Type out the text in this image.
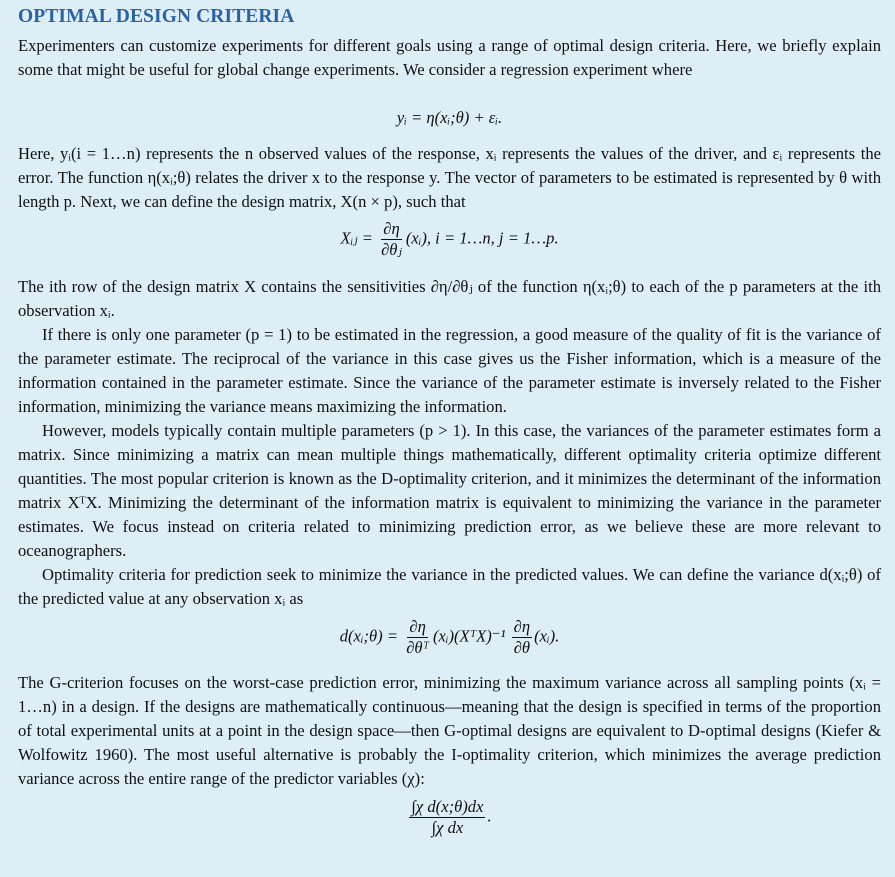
OPTIMAL DESIGN CRITERIA

Experimenters can customize experiments for different goals using a range of optimal design criteria. Here, we briefly explain some that might be useful for global change experiments. We consider a regression experiment where

yᵢ = η(xᵢ;θ) + εᵢ.

Here, yᵢ(i = 1…n) represents the n observed values of the response, xᵢ represents the values of the driver, and εᵢ represents the error. The function η(xᵢ;θ) relates the driver x to the response y. The vector of parameters to be estimated is represented by θ with length p. Next, we can define the design matrix, X(n × p), such that

Xᵢⱼ = $\frac{\partial\eta}{\text{∂θⱼ}}$ (xᵢ), i = 1…n, j = 1…p.

The ith row of the design matrix X contains the sensitivities ∂η/∂θⱼ of the function η(xᵢ;θ) to each of the p parameters at the ith observation xᵢ.

If there is only one parameter (p = 1) to be estimated in the regression, a good measure of the quality of fit is the variance of the parameter estimate. The reciprocal of the variance in this case gives us the Fisher information, which is a measure of the information contained in the parameter estimate. Since the variance of the parameter estimate is inversely related to the Fisher information, minimizing the variance means maximizing the information.

However, models typically contain multiple parameters (p > 1). In this case, the variances of the parameter estimates form a matrix. Since minimizing a matrix can mean multiple things mathematically, different optimality criteria optimize different quantities. The most popular criterion is known as the D-optimality criterion, and it minimizes the determinant of the information matrix XᵀX. Minimizing the determinant of the information matrix is equivalent to minimizing the variance in the parameter estimates. We focus instead on criteria related to minimizing prediction error, as we believe these are more relevant to oceanographers.

Optimality criteria for prediction seek to minimize the variance in the predicted values. We can define the variance d(xᵢ;θ) of the predicted value at any observation xᵢ as

d(xᵢ;θ) = $\frac{\partial\eta}{\text{∂θᵀ}}$ (xᵢ)(XᵀX)⁻¹ $\frac{\partial\eta}{\partial\theta}$ (xᵢ).

The G-criterion focuses on the worst-case prediction error, minimizing the maximum variance across all sampling points (xᵢ = 1…n) in a design. If the designs are mathematically continuous—meaning that the design is specified in terms of the proportion of total experimental units at a point in the design space—then G-optimal designs are equivalent to D-optimal designs (Kiefer & Wolfowitz 1960). The most useful alternative is probably the I-optimality criterion, which minimizes the average prediction variance across the entire range of the predictor variables (χ):

$\frac{\text{∫χ d(x;θ)dx}}{\text{∫χ dx}}$ .
